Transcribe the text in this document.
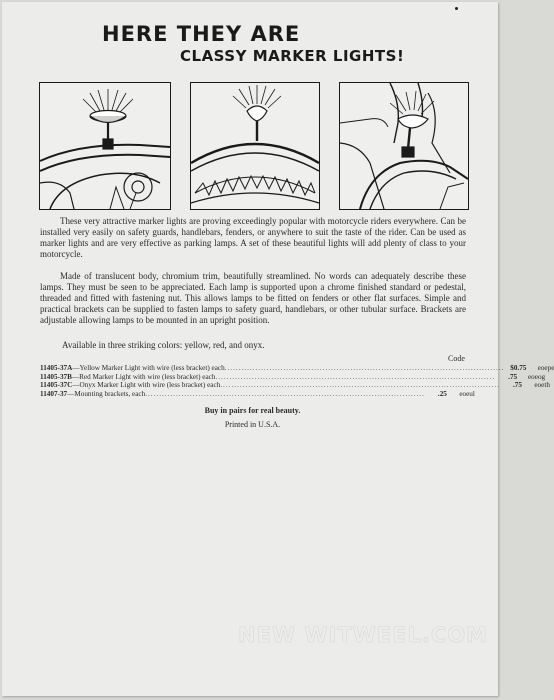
HERE THEY ARE
CLASSY MARKER LIGHTS!

These very attractive marker lights are proving exceedingly popular with motorcycle riders everywhere. Can be installed very easily on safety guards, handlebars, fenders, or anywhere to suit the taste of the rider. Can be used as marker lights and are very effective as parking lamps. A set of these beautiful lights will add plenty of class to your motorcycle.

Made of translucent body, chromium trim, beautifully streamlined. No words can adequately describe these lamps. They must be seen to be appreciated. Each lamp is supported upon a chrome finished standard or pedestal, threaded and fitted with fastening nut. This allows lamps to be fitted on fenders or other flat surfaces. Simple and practical brackets can be supplied to fasten lamps to safety guard, handlebars, or other tubular surface. Brackets are adjustable allowing lamps to be mounted in an upright position.

Available in three striking colors: yellow, red, and onyx.
Code
11405-37A —Yellow Marker Light with wire (less bracket) each .................................................................................................... $0.75	eoepe
11405-37B —Red Marker Light with wire (less bracket) each ....................................................................................................	.75	eoeog
11405-37C —Onyx Marker Light with wire (less bracket) each ....................................................................................................	.75	eoeth
11407-37 —Mounting brackets, each ....................................................................................................	.25	eoeul
Buy in pairs for real beauty.
Printed in U.S.A.
NEW WITWEEL.COM
